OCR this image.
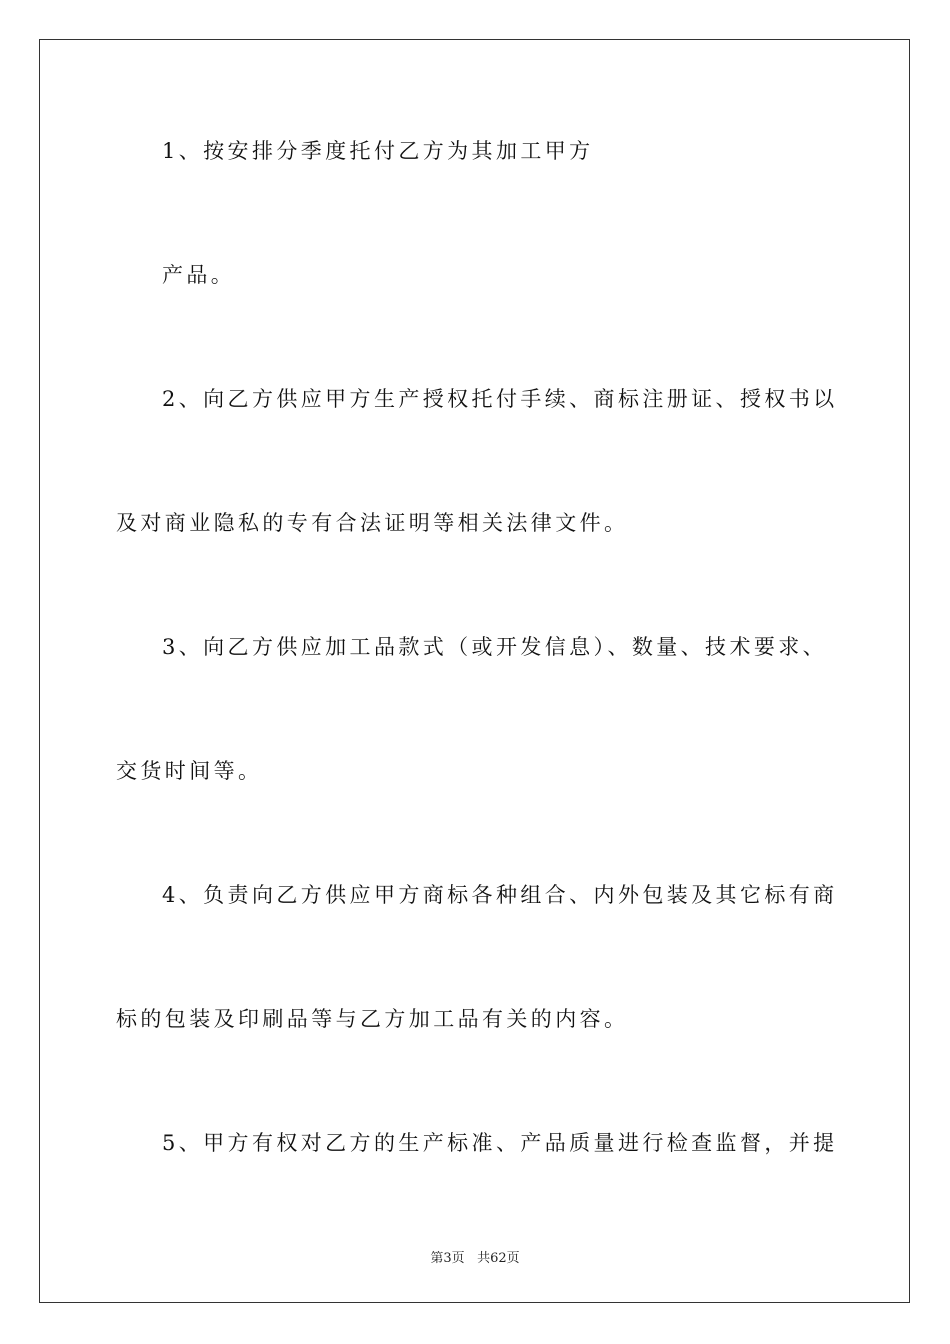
1、按安排分季度托付乙方为其加工甲方
产品。
2、向乙方供应甲方生产授权托付手续、商标注册证、授权书以
及对商业隐私的专有合法证明等相关法律文件。
3、向乙方供应加工品款式（或开发信息）、数量、技术要求、
交货时间等。
4、负责向乙方供应甲方商标各种组合、内外包装及其它标有商
标的包装及印刷品等与乙方加工品有关的内容。
5、甲方有权对乙方的生产标准、产品质量进行检查监督，并提
第3页 共62页
